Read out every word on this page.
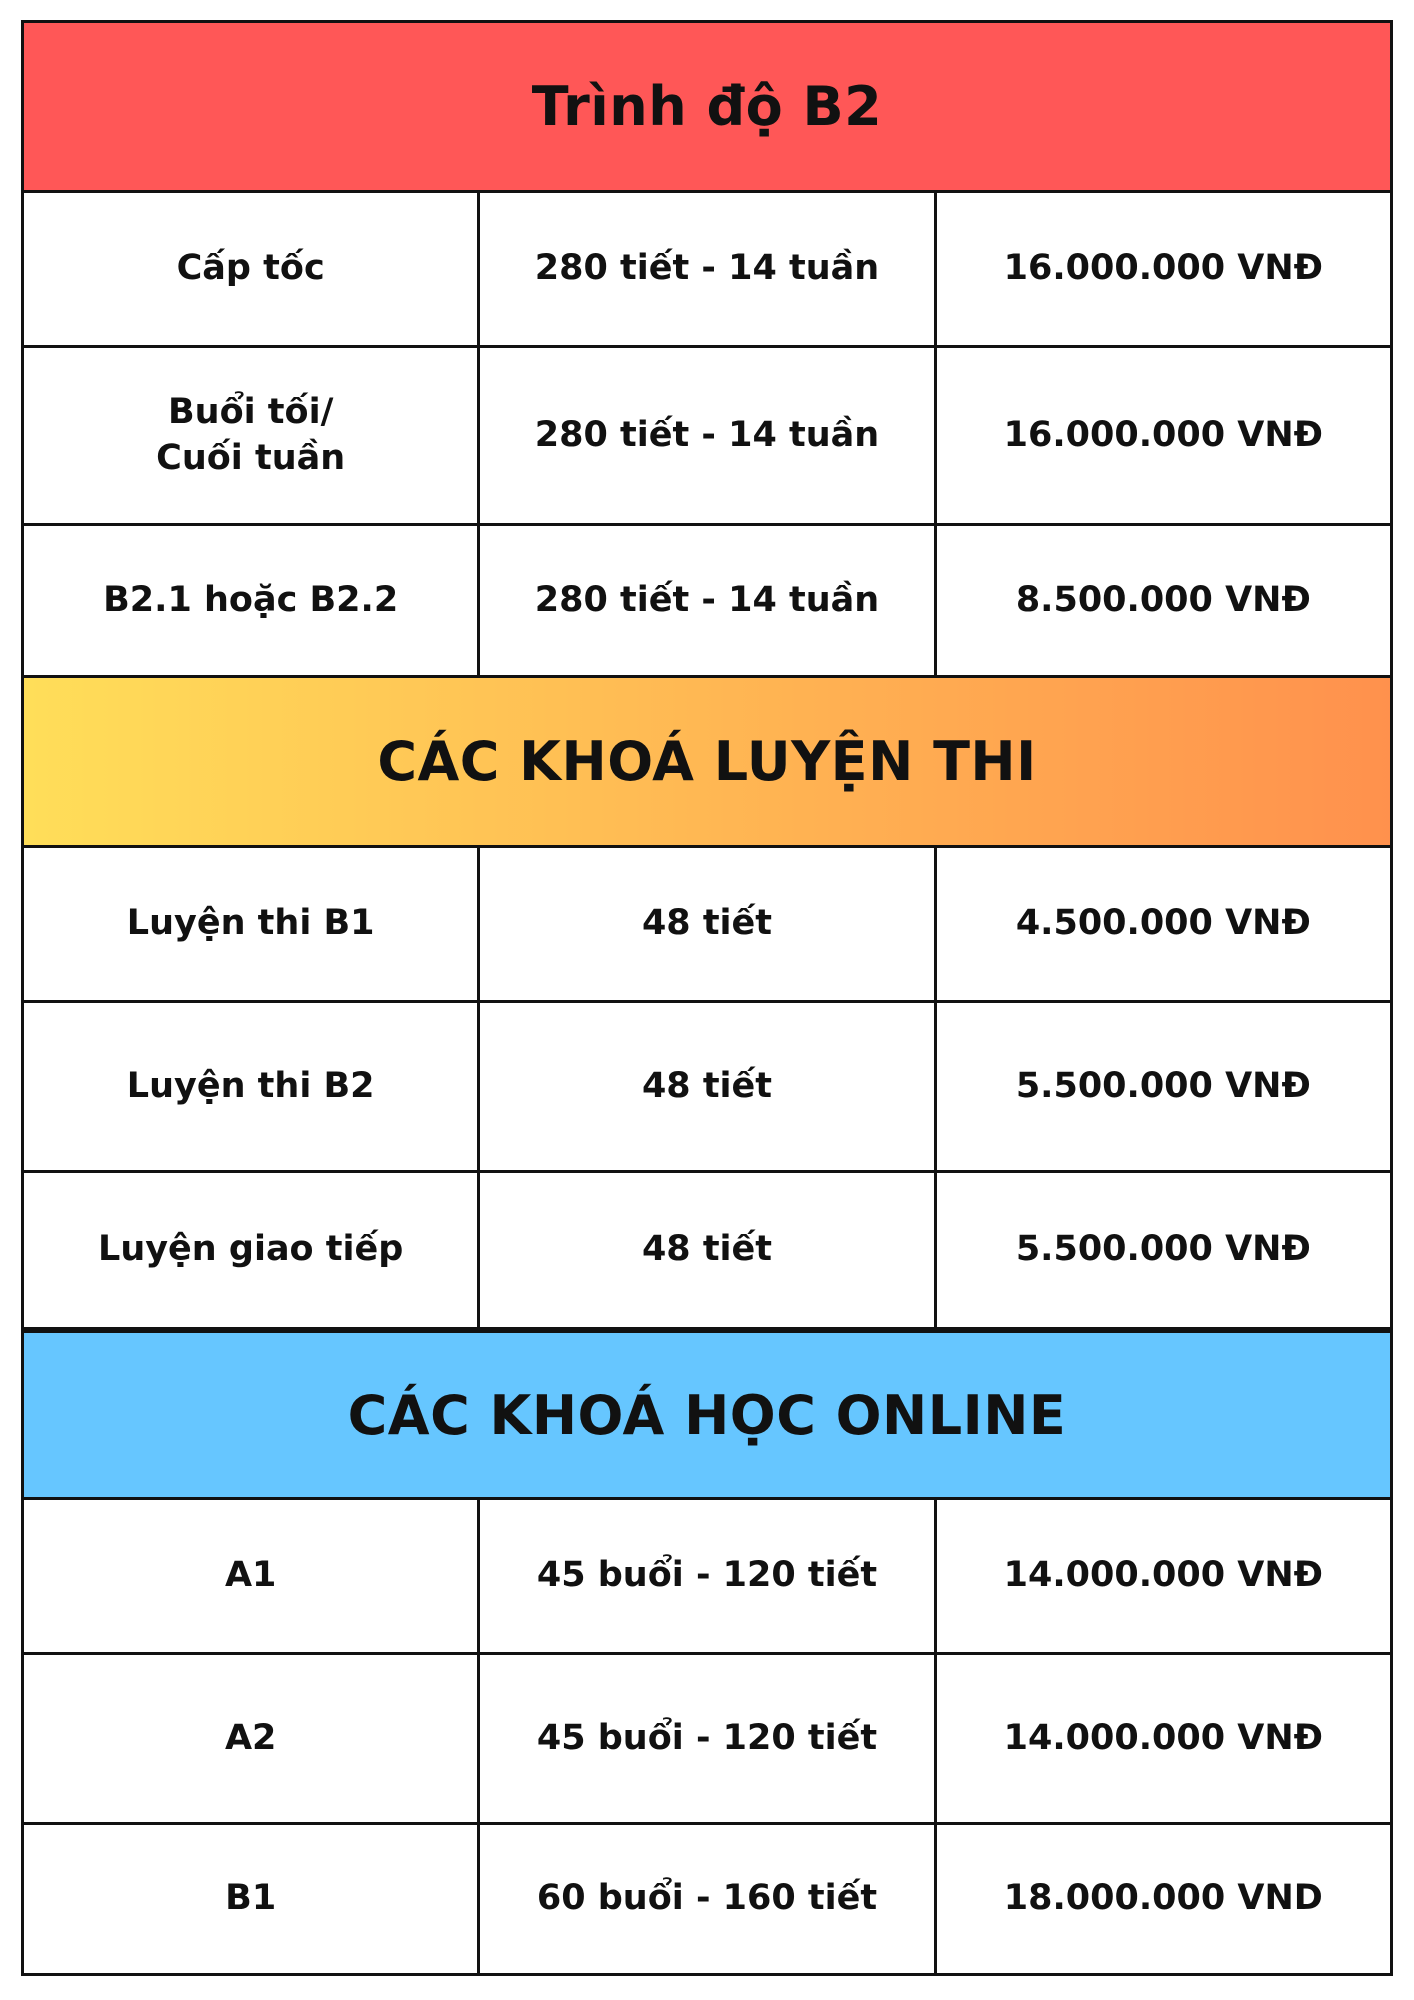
Trình độ B2
Cấp tốc	280 tiết - 14 tuần	16.000.000 VNĐ
Buổi tối/
Cuối tuần
280 tiết - 14 tuần	16.000.000 VNĐ
B2.1 hoặc B2.2	280 tiết - 14 tuần	8.500.000 VNĐ
CÁC KHOÁ LUYỆN THI
Luyện thi B1	48 tiết	4.500.000 VNĐ
Luyện thi B2	48 tiết	5.500.000 VNĐ
Luyện giao tiếp	48 tiết	5.500.000 VNĐ
CÁC KHOÁ HỌC ONLINE
A1	45 buổi - 120 tiết	14.000.000 VNĐ
A2	45 buổi - 120 tiết	14.000.000 VNĐ
B1	60 buổi - 160 tiết	18.000.000 VND
